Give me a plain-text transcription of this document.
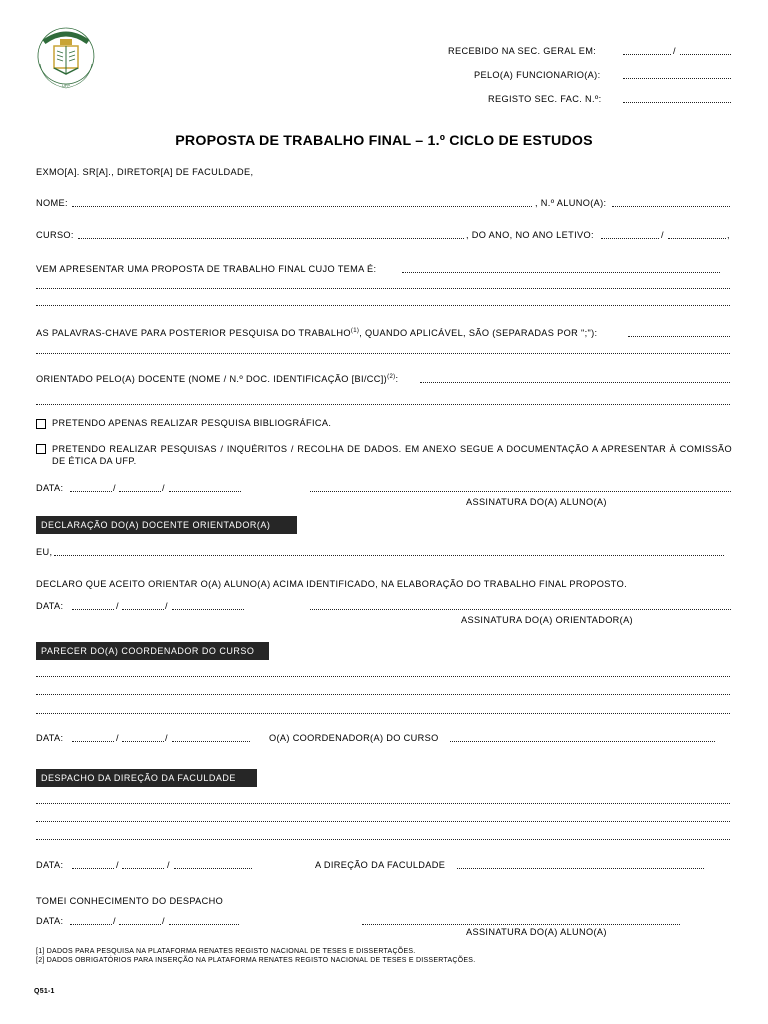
UFP
RECEBIDO NA SEC. GERAL EM:	/
PELO(A) FUNCIONARIO(A):
REGISTO SEC. FAC. N.º:
PROPOSTA DE TRABALHO FINAL – 1.º CICLO DE ESTUDOS
EXMO[A]. SR[A]., DIRETOR[A] DE FACULDADE,
NOME:	, N.º ALUNO(A):
CURSO:	, DO ANO, NO ANO LETIVO:	/	,
VEM APRESENTAR UMA PROPOSTA DE TRABALHO FINAL CUJO TEMA É:
AS PALAVRAS-CHAVE PARA POSTERIOR PESQUISA DO TRABALHO$^{(1)}$, QUANDO APLICÁVEL, SÃO (SEPARADAS POR ";"):
ORIENTADO PELO(A) DOCENTE (NOME / N.º DOC. IDENTIFICAÇÃO [BI/CC])$^{(2)}$:
PRETENDO APENAS REALIZAR PESQUISA BIBLIOGRÁFICA.
PRETENDO REALIZAR PESQUISAS / INQUÉRITOS / RECOLHA DE DADOS. EM ANEXO SEGUE A DOCUMENTAÇÃO A APRESENTAR À COMISSÃO DE ÉTICA DA UFP.
DATA:	/	/
ASSINATURA DO(A) ALUNO(A)
DECLARAÇÃO DO(A) DOCENTE ORIENTADOR(A)
EU,
DECLARO QUE ACEITO ORIENTAR O(A) ALUNO(A) ACIMA IDENTIFICADO, NA ELABORAÇÃO DO TRABALHO FINAL PROPOSTO.
DATA:	/	/
ASSINATURA DO(A) ORIENTADOR(A)
PARECER DO(A) COORDENADOR DO CURSO
DATA:	/	/	O(A) COORDENADOR(A) DO CURSO
DESPACHO DA DIREÇÃO DA FACULDADE
DATA:	/	/	A DIREÇÃO DA FACULDADE
TOMEI CONHECIMENTO DO DESPACHO
DATA:	/	/
ASSINATURA DO(A) ALUNO(A)
[1] DADOS PARA PESQUISA NA PLATAFORMA RENATES REGISTO NACIONAL DE TESES E DISSERTAÇÕES.
[2] DADOS OBRIGATÓRIOS PARA INSERÇÃO NA PLATAFORMA RENATES REGISTO NACIONAL DE TESES E DISSERTAÇÕES.
Q51-1
